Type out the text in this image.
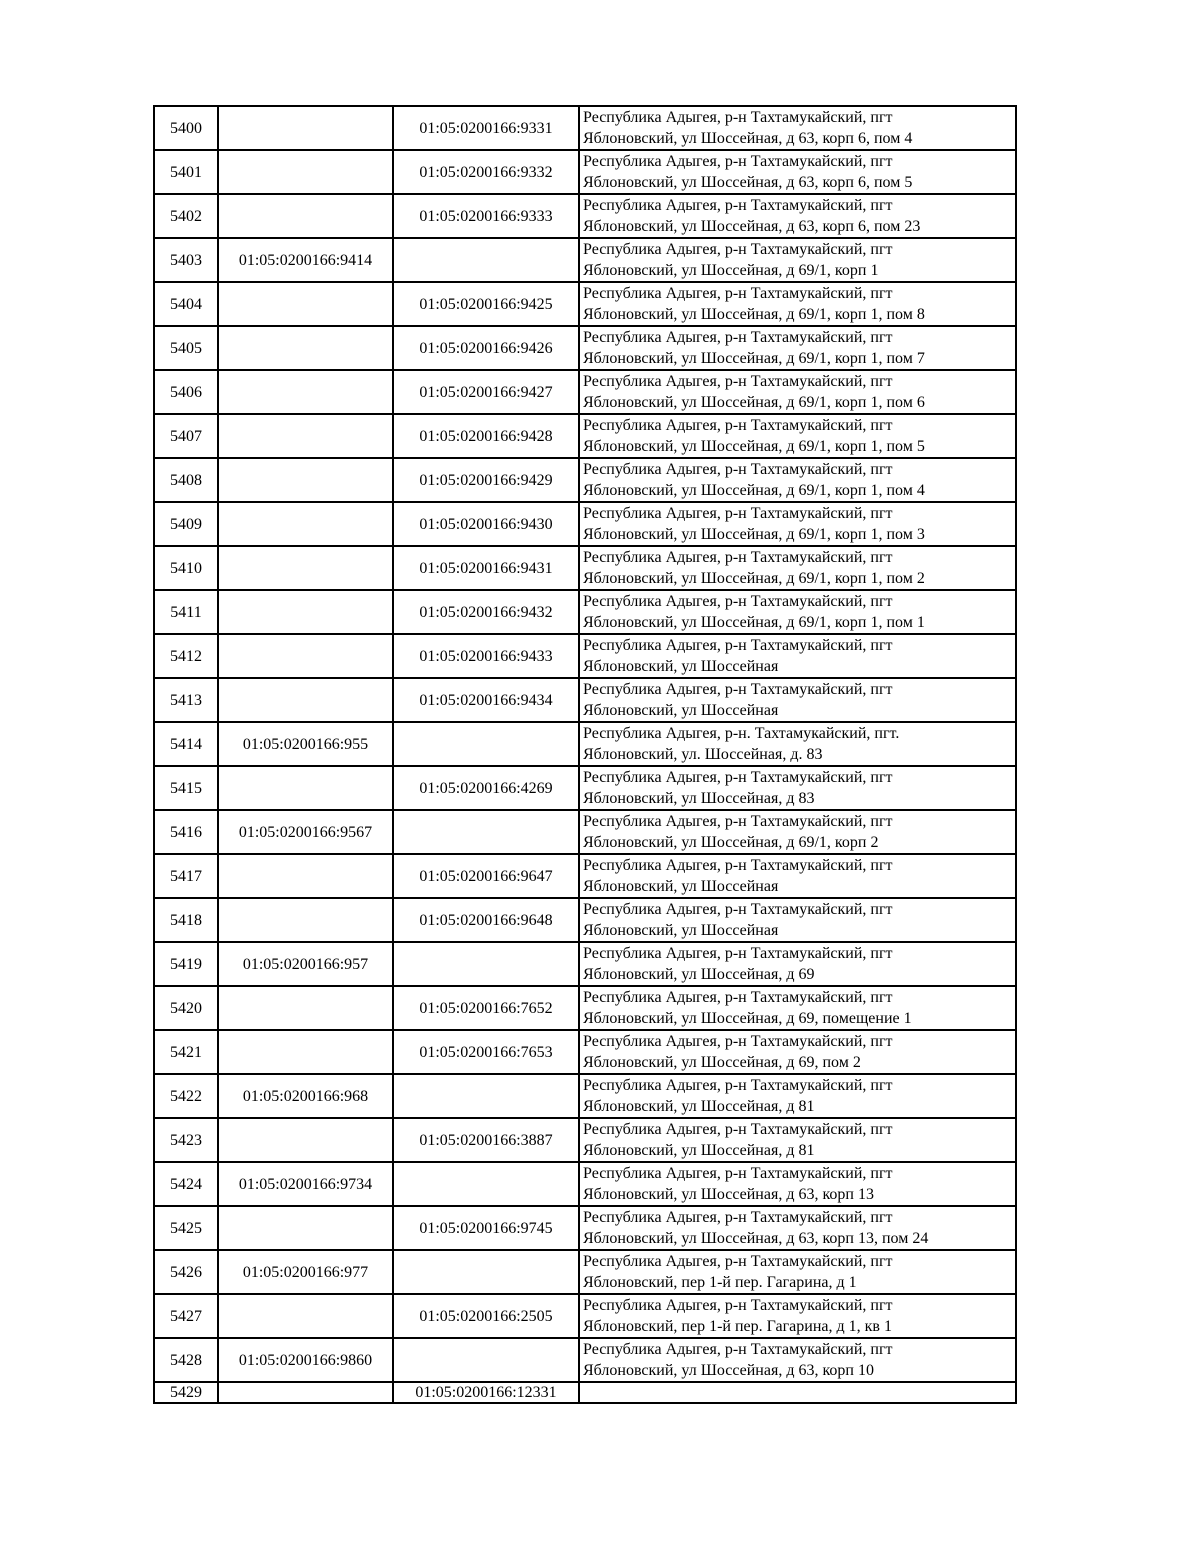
5400		01:05:0200166:9331	Республика Адыгея, р-н Тахтамукайский, пгт
Яблоновский, ул Шоссейная, д 63, корп 6, пом 4

5401		01:05:0200166:9332	Республика Адыгея, р-н Тахтамукайский, пгт
Яблоновский, ул Шоссейная, д 63, корп 6, пом 5

5402		01:05:0200166:9333	Республика Адыгея, р-н Тахтамукайский, пгт
Яблоновский, ул Шоссейная, д 63, корп 6, пом 23

5403	01:05:0200166:9414		Республика Адыгея, р-н Тахтамукайский, пгт
Яблоновский, ул Шоссейная, д 69/1, корп 1

5404		01:05:0200166:9425	Республика Адыгея, р-н Тахтамукайский, пгт
Яблоновский, ул Шоссейная, д 69/1, корп 1, пом 8

5405		01:05:0200166:9426	Республика Адыгея, р-н Тахтамукайский, пгт
Яблоновский, ул Шоссейная, д 69/1, корп 1, пом 7

5406		01:05:0200166:9427	Республика Адыгея, р-н Тахтамукайский, пгт
Яблоновский, ул Шоссейная, д 69/1, корп 1, пом 6

5407		01:05:0200166:9428	Республика Адыгея, р-н Тахтамукайский, пгт
Яблоновский, ул Шоссейная, д 69/1, корп 1, пом 5

5408		01:05:0200166:9429	Республика Адыгея, р-н Тахтамукайский, пгт
Яблоновский, ул Шоссейная, д 69/1, корп 1, пом 4

5409		01:05:0200166:9430	Республика Адыгея, р-н Тахтамукайский, пгт
Яблоновский, ул Шоссейная, д 69/1, корп 1, пом 3

5410		01:05:0200166:9431	Республика Адыгея, р-н Тахтамукайский, пгт
Яблоновский, ул Шоссейная, д 69/1, корп 1, пом 2

5411		01:05:0200166:9432	Республика Адыгея, р-н Тахтамукайский, пгт
Яблоновский, ул Шоссейная, д 69/1, корп 1, пом 1

5412		01:05:0200166:9433	Республика Адыгея, р-н Тахтамукайский, пгт
Яблоновский, ул Шоссейная

5413		01:05:0200166:9434	Республика Адыгея, р-н Тахтамукайский, пгт
Яблоновский, ул Шоссейная

5414	01:05:0200166:955		Республика Адыгея, р-н. Тахтамукайский, пгт.
Яблоновский, ул. Шоссейная, д. 83

5415		01:05:0200166:4269	Республика Адыгея, р-н Тахтамукайский, пгт
Яблоновский, ул Шоссейная, д 83

5416	01:05:0200166:9567		Республика Адыгея, р-н Тахтамукайский, пгт
Яблоновский, ул Шоссейная, д 69/1, корп 2

5417		01:05:0200166:9647	Республика Адыгея, р-н Тахтамукайский, пгт
Яблоновский, ул Шоссейная

5418		01:05:0200166:9648	Республика Адыгея, р-н Тахтамукайский, пгт
Яблоновский, ул Шоссейная

5419	01:05:0200166:957		Республика Адыгея, р-н Тахтамукайский, пгт
Яблоновский, ул Шоссейная, д 69

5420		01:05:0200166:7652	Республика Адыгея, р-н Тахтамукайский, пгт
Яблоновский, ул Шоссейная, д 69, помещение 1

5421		01:05:0200166:7653	Республика Адыгея, р-н Тахтамукайский, пгт
Яблоновский, ул Шоссейная, д 69, пом 2

5422	01:05:0200166:968		Республика Адыгея, р-н Тахтамукайский, пгт
Яблоновский, ул Шоссейная, д 81

5423		01:05:0200166:3887	Республика Адыгея, р-н Тахтамукайский, пгт
Яблоновский, ул Шоссейная, д 81

5424	01:05:0200166:9734		Республика Адыгея, р-н Тахтамукайский, пгт
Яблоновский, ул Шоссейная, д 63, корп 13

5425		01:05:0200166:9745	Республика Адыгея, р-н Тахтамукайский, пгт
Яблоновский, ул Шоссейная, д 63, корп 13, пом 24

5426	01:05:0200166:977		Республика Адыгея, р-н Тахтамукайский, пгт
Яблоновский, пер 1-й пер. Гагарина, д 1

5427		01:05:0200166:2505	Республика Адыгея, р-н Тахтамукайский, пгт
Яблоновский, пер 1-й пер. Гагарина, д 1, кв 1

5428	01:05:0200166:9860		Республика Адыгея, р-н Тахтамукайский, пгт
Яблоновский, ул Шоссейная, д 63, корп 10

5429		01:05:0200166:12331	
